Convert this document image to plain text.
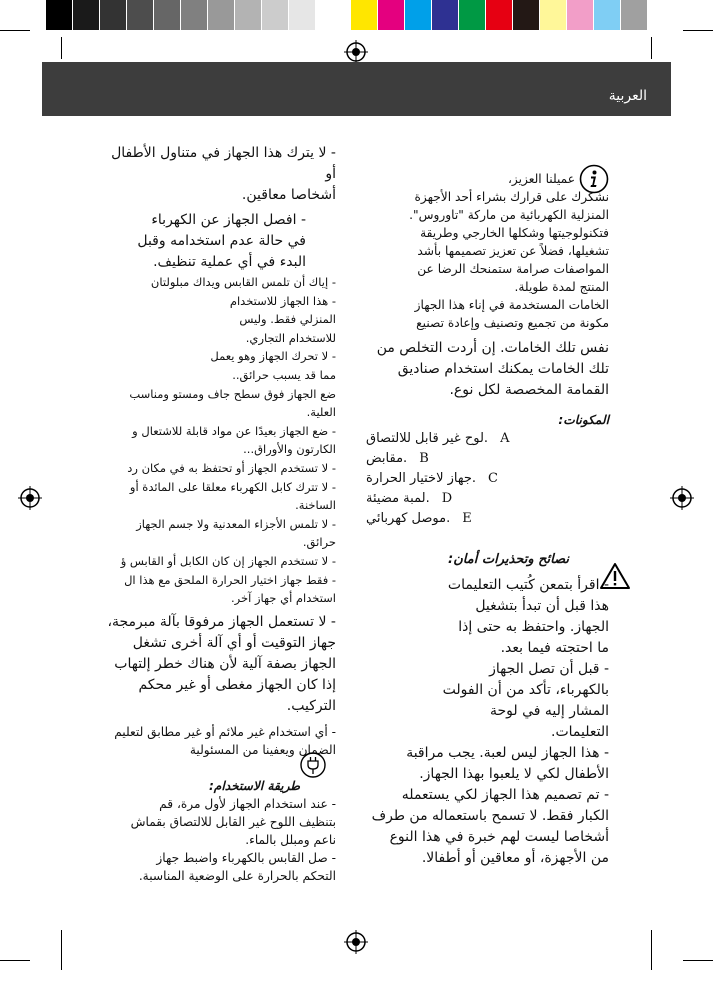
العربية

عميلنا العزيز،

نشكرك على قرارك بشراء أحد الأجهزة

المنزلية الكهربائية من ماركة "تاوروس".

فتكنولوجيتها وشكلها الخارجي وطريقة

تشغيلها، فضلاً عن تعزيز تصميمها بأشد

المواصفات صرامة ستمنحك الرضا عن

المنتج لمدة طويلة.

الخامات المستخدمة في إناء هذا الجهاز

مكونة من تجميع وتصنيف وإعادة تصنيع

نفس تلك الخامات. إن أردت التخلص من

تلك الخامات يمكنك استخدام صناديق

القمامة المخصصة لكل نوع.

المكونات:

A
لوح غير قابل للالتصاق.
B
مقابض.
C
جهاز لاختيار الحرارة.
D
لمبة مضيئة.
E
موصل كهربائي.

نصائح وتحذيرات أمان:

- اقرأ بتمعن كُتيب التعليمات

هذا قبل أن تبدأ بتشغيل

الجهاز. واحتفظ به حتى إذا

ما احتجته فيما بعد.

- قبل أن تصل الجهاز

بالكهرباء، تأكد من أن الفولت

المشار إليه في لوحة

التعليمات.

- هذا الجهاز ليس لعبة. يجب مراقبة

الأطفال لكي لا يلعبوا بهذا الجهاز.

- تم تصميم هذا الجهاز لكي يستعمله

الكبار فقط. لا تسمح باستعماله من طرف

أشخاصا ليست لهم خبرة في هذا النوع

من الأجهزة، أو معاقين أو أطفالا.

- لا يترك هذا الجهاز في متناول الأطفال أو

أشخاصا معاقين.

- افصل الجهاز عن الكهرباء

في حالة عدم استخدامه وقبل

البدء في أي عملية تنظيف.

- إياك أن تلمس القابس ويداك مبلولتان

- هذا الجهاز للاستخدام

المنزلي فقط. وليس

للاستخدام التجاري.

- لا تحرك الجهاز وهو يعمل

مما قد يسبب حرائق..

ضع الجهاز فوق سطح جاف ومستو ومناسب

العلية.

- ضع الجهاز بعيدًا عن مواد قابلة للاشتعال و

الكارتون والأوراق...

- لا تستخدم الجهاز أو تحتفظ به في مكان رد

- لا تترك كابل الكهرباء معلقا على المائدة أو

الساخنة.

- لا تلمس الأجزاء المعدنية ولا جسم الجهاز

حرائق.

- لا تستخدم الجهاز إن كان الكابل أو القابس ؤ

- فقط جهاز اختيار الحرارة الملحق مع هذا ال

استخدام أي جهاز آخر.

- لا تستعمل الجهاز مرفوقا بآلة مبرمجة،

جهاز التوقيت أو أي آلة أخرى تشغل

الجهاز بصفة آلية لأن هناك خطر إلتهاب

إذا كان الجهاز مغطى أو غير محكم

التركيب.

- أي استخدام غير ملائم أو غير مطابق لتعليم

الضمان ويعفينا من المسئولية

طريقة الاستخدام:

- عند استخدام الجهاز لأول مرة، قم

بتنظيف اللوح غير القابل للالتصاق بقماش

ناعم ومبلل بالماء.

- صل القابس بالكهرباء واضبط جهاز

التحكم بالحرارة على الوضعية المناسبة.
